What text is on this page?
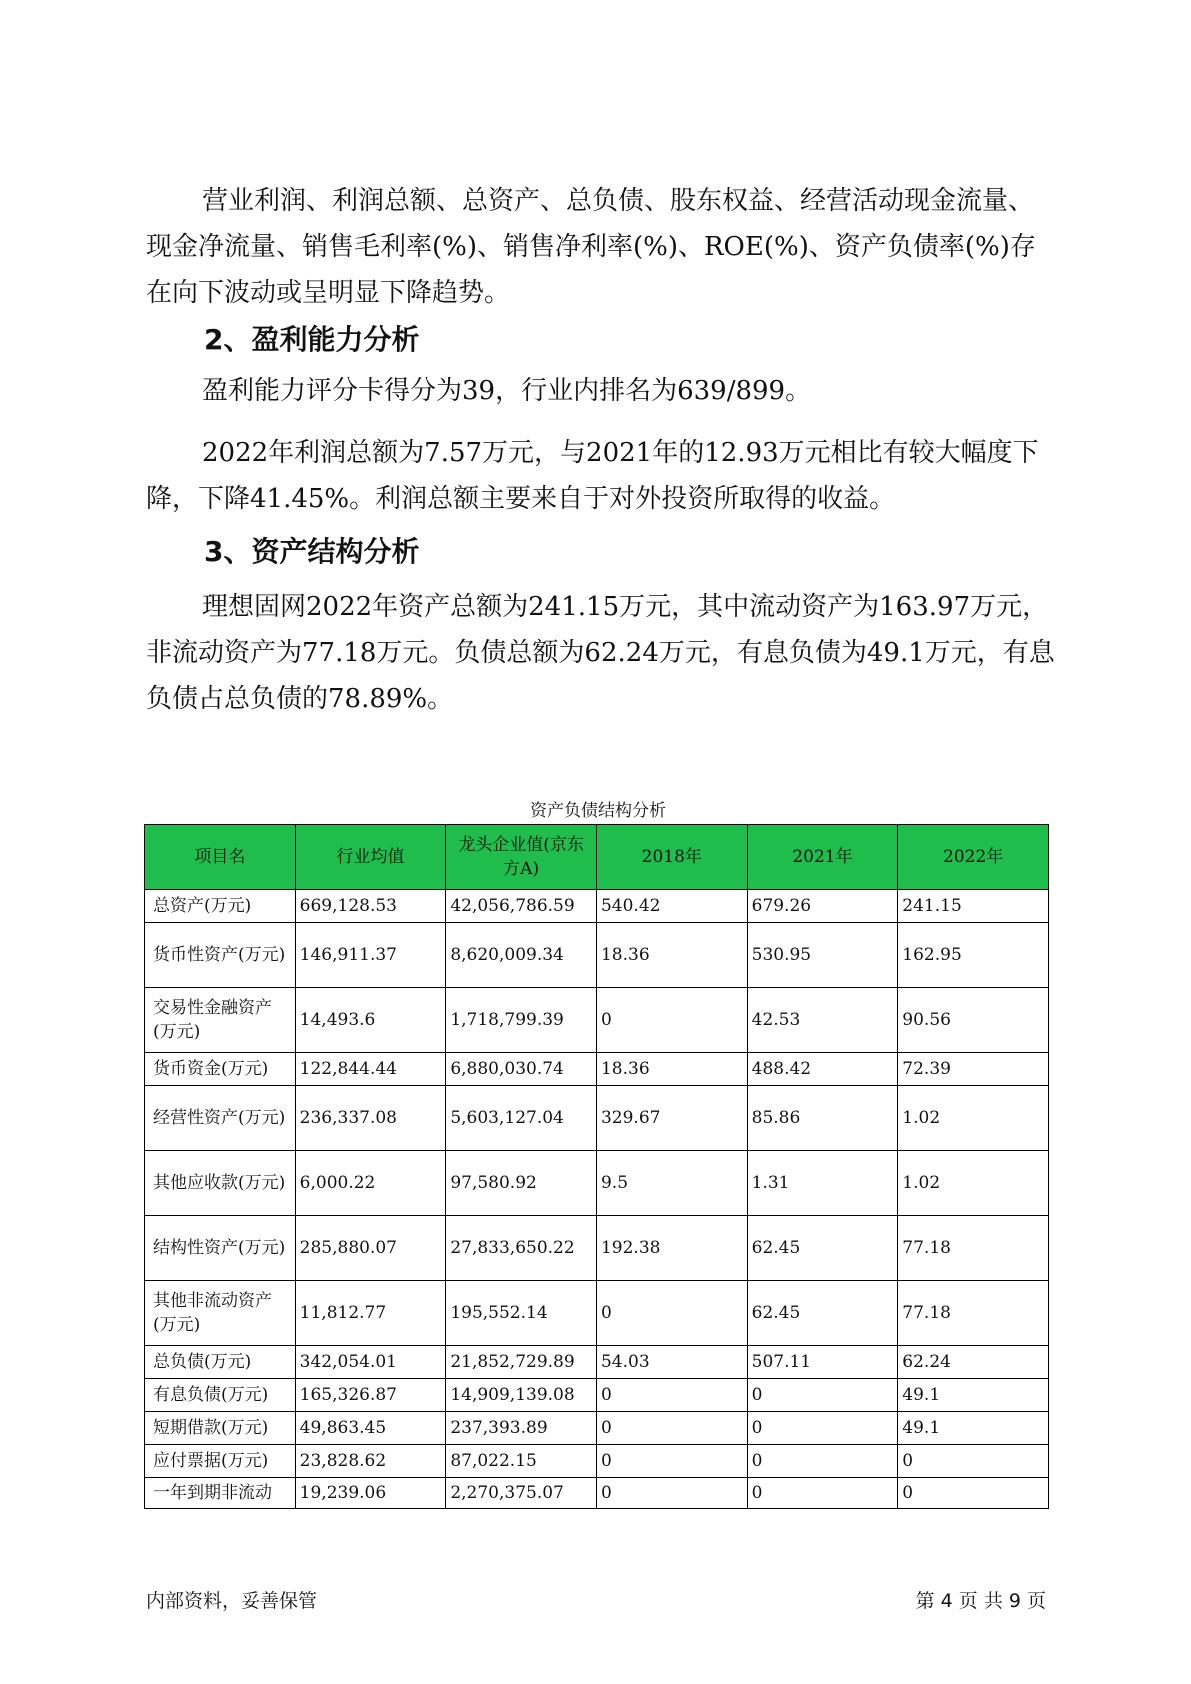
营业利润、利润总额、总资产、总负债、股东权益、经营活动现金流量、现金净流量、销售毛利率(%)、销售净利率(%)、ROE(%)、资产负债率(%)存在向下波动或呈明显下降趋势。

2、盈利能力分析

盈利能力评分卡得分为39，行业内排名为639/899。

2022年利润总额为7.57万元，与2021年的12.93万元相比有较大幅度下降，下降41.45%。利润总额主要来自于对外投资所取得的收益。

3、资产结构分析

理想固网2022年资产总额为241.15万元，其中流动资产为163.97万元，非流动资产为77.18万元。负债总额为62.24万元，有息负债为49.1万元，有息负债占总负债的78.89%。

资产负债结构分析

项目名	行业均值	龙头企业值(京东方A)	2018年	2021年	2022年
总资产(万元)	669,128.53	42,056,786.59	540.42	679.26	241.15
货币性资产(万元)	146,911.37	8,620,009.34	18.36	530.95	162.95
交易性金融资产(万元)	14,493.6	1,718,799.39	0	42.53	90.56
货币资金(万元)	122,844.44	6,880,030.74	18.36	488.42	72.39
经营性资产(万元)	236,337.08	5,603,127.04	329.67	85.86	1.02
其他应收款(万元)	6,000.22	97,580.92	9.5	1.31	1.02
结构性资产(万元)	285,880.07	27,833,650.22	192.38	62.45	77.18
其他非流动资产(万元)	11,812.77	195,552.14	0	62.45	77.18
总负债(万元)	342,054.01	21,852,729.89	54.03	507.11	62.24
有息负债(万元)	165,326.87	14,909,139.08	0	0	49.1
短期借款(万元)	49,863.45	237,393.89	0	0	49.1
应付票据(万元)	23,828.62	87,022.15	0	0	0
一年到期非流动	19,239.06	2,270,375.07	0	0	0

内部资料，妥善保管	第 4 页 共 9 页
